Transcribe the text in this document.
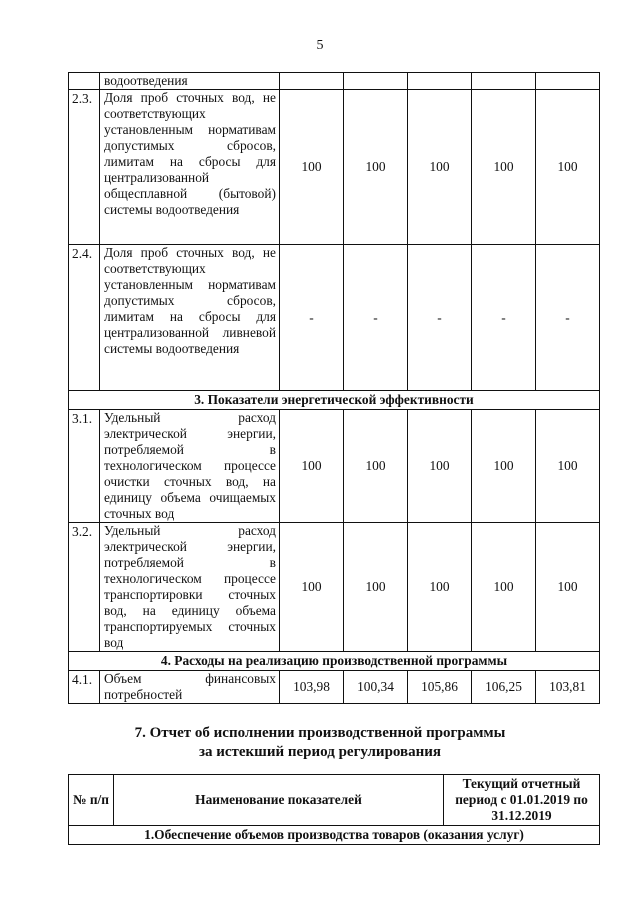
5
	водоотведения					
2.3.	Доля проб сточных вод, не соответствующих установленным нормативам допустимых сбросов, лимитам на сбросы для централизованной общесплавной (бытовой) системы водоотведения	100	100	100	100	100
2.4.	Доля проб сточных вод, не соответствующих установленным нормативам допустимых сбросов, лимитам на сбросы для централизованной ливневой системы водоотведения	-	-	-	-	-
3. Показатели энергетической эффективности						
3.1.	Удельный расход электрической энергии, потребляемой в технологическом процессе очистки сточных вод, на единицу объема очищаемых сточных вод	100	100	100	100	100
3.2.	Удельный расход электрической энергии, потребляемой в технологическом процессе транспортировки сточных вод, на единицу объема транспортируемых сточных вод	100	100	100	100	100
4. Расходы на реализацию производственной программы						
4.1.	Объем финансовых потребностей	103,98	100,34	105,86	106,25	103,81
7. Отчет об исполнении производственной программы
за истекший период регулирования
№ п/п	Наименование показателей	Текущий отчетный период с 01.01.2019 по 31.12.2019
1.Обеспечение объемов производства товаров (оказания услуг)
